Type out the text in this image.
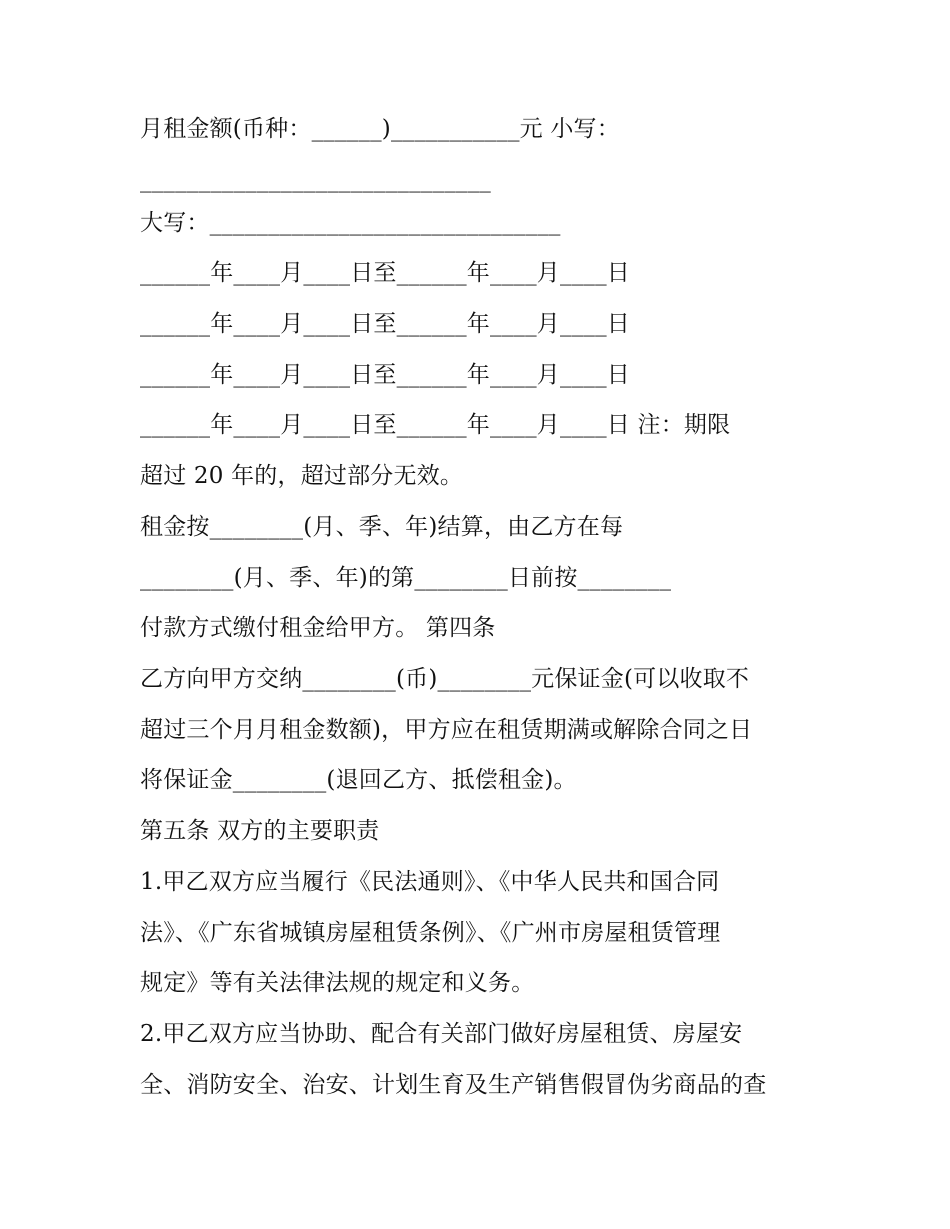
月租金额(币种：______)___________元 小写：

______________________________

大写：______________________________

______年____月____日至______年____月____日

______年____月____日至______年____月____日

______年____月____日至______年____月____日

______年____月____日至______年____月____日 注：期限

超过 20 年的，超过部分无效。

租金按________(月、季、年)结算，由乙方在每

________(月、季、年)的第________日前按________

付款方式缴付租金给甲方。 第四条

乙方向甲方交纳________(币)________元保证金(可以收取不

超过三个月月租金数额)，甲方应在租赁期满或解除合同之日

将保证金________(退回乙方、抵偿租金)。

第五条 双方的主要职责

1.甲乙双方应当履行《民法通则》、《中华人民共和国合同

法》、《广东省城镇房屋租赁条例》、《广州市房屋租赁管理

规定》等有关法律法规的规定和义务。

2.甲乙双方应当协助、配合有关部门做好房屋租赁、房屋安

全、消防安全、治安、计划生育及生产销售假冒伪劣商品的查
